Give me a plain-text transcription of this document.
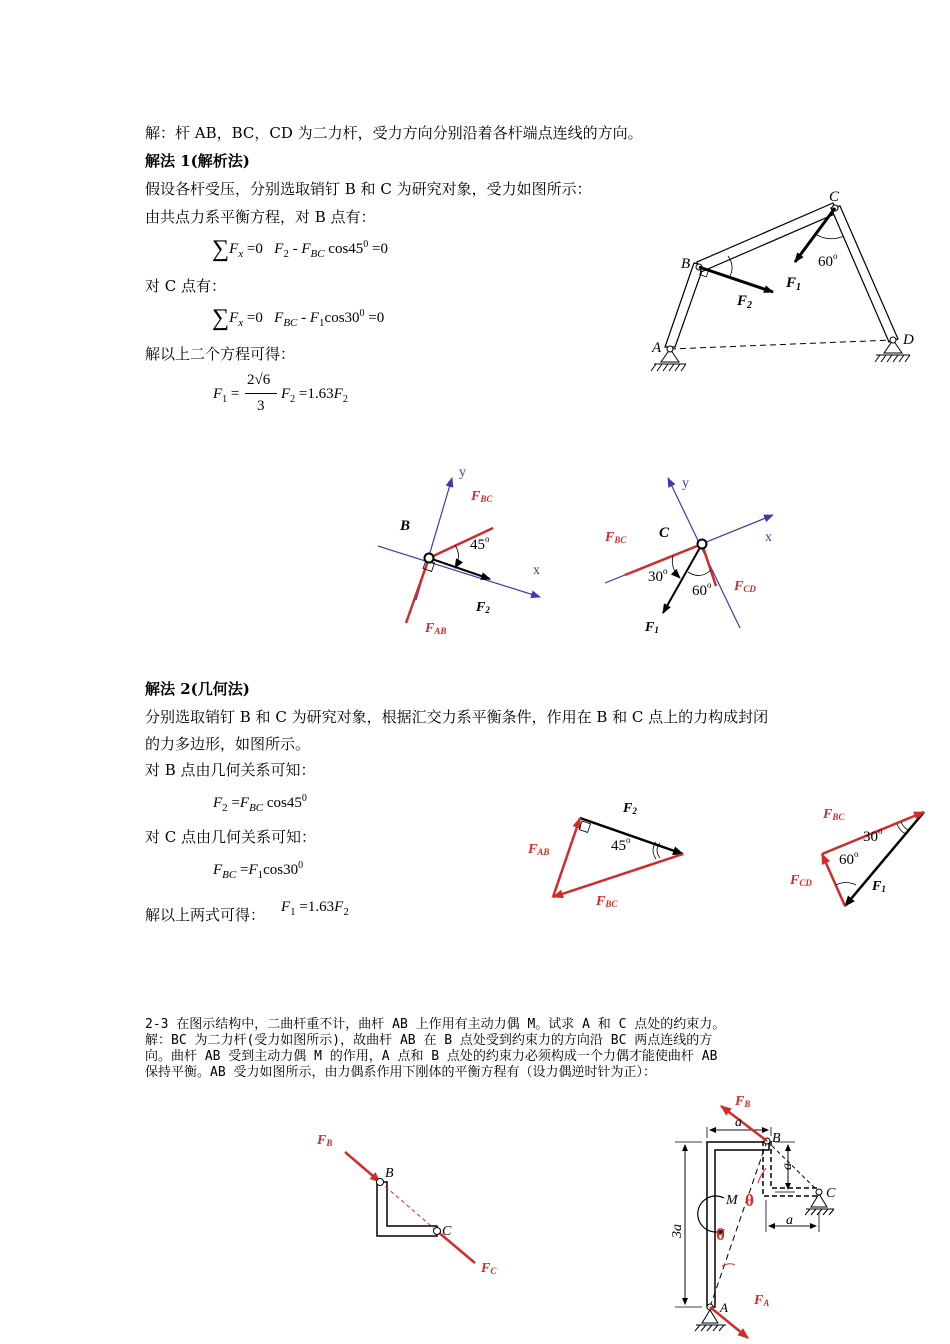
解：杆 AB，BC，CD 为二力杆，受力方向分别沿着各杆端点连线的方向。
解法 1(解析法)
假设各杆受压，分别选取销钉 B 和 C 为研究对象，受力如图所示：
由共点力系平衡方程，对 B 点有：
$\sum F_x =0$   $F_2 - F_{BC}$ $\cos 45^0 =0$
对 C 点有：
$\sum F_x =0$   $F_{BC} - F_1\cos 30^0 =0$
解以上二个方程可得：
$F_1$ =
2√6
3
$F_2 =1.63F_2$
解法 2(几何法)
分别选取销钉 B 和 C 为研究对象，根据汇交力系平衡条件，作用在 B 和 C 点上的力构成封闭
的力多边形，如图所示。
对 B 点由几何关系可知：
$F_2 =F_{BC}$ $\cos 45^0$
对 C 点由几何关系可知：
$F_{BC} =F_1\cos 30^0$
解以上两式可得： $F_1 =1.63F_2$
2-3 在图示结构中，二曲杆重不计，曲杆 AB 上作用有主动力偶 M。试求 A 和 C 点处的约束力。
解：BC 为二力杆(受力如图所示)，故曲杆 AB 在 B 点处受到约束力的方向沿 BC 两点连线的方
向。曲杆 AB 受到主动力偶 M 的作用，A 点和 B 点处的约束力必须构成一个力偶才能使曲杆 AB
保持平衡。AB 受力如图所示，由力偶系作用下刚体的平衡方程有（设力偶逆时针为正）：
A
B
C
D
$F_2$
$F_1$
60$^o$
y
x
B
FBC
FAB
F2
45$^o$
y
x
C
FBC
FCD
F1
30$^o$
60$^o$
F2
FAB
FBC
45$^o$
FBC
FCD	F1
30$^o$
60$^o$
FB
B
C
FC
FB
FA
B
C
A
M
a
a
a
3a
θ
θ
